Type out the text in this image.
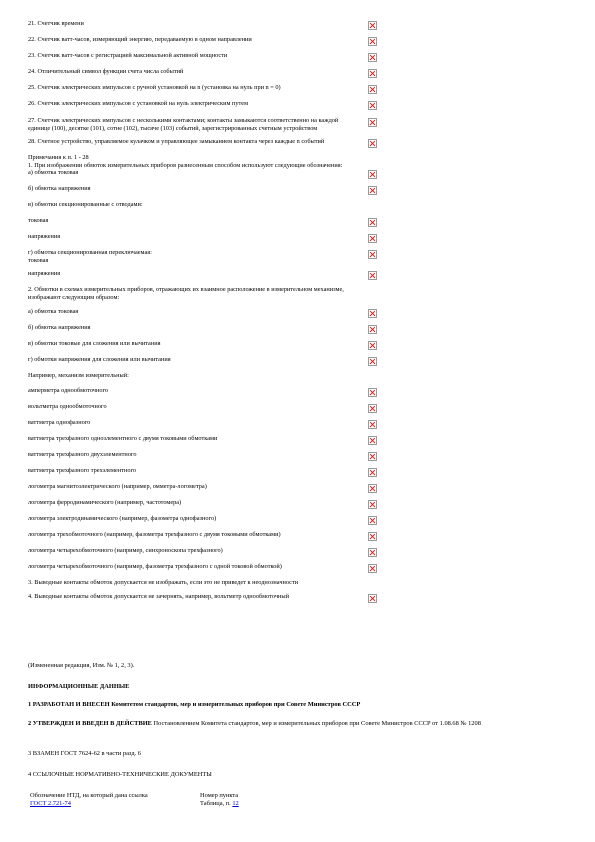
21. Счетчик времени
22. Счетчик ватт-часов, измеряющий энергию, передаваемую в одном направлении
23. Счетчик ватт-часов с регистрацией максимальной активной мощности
24. Отличительный символ функции счета числа событий
25. Счетчик электрических импульсов с ручной установкой на n (установка на нуль при n = 0)
26. Счетчик электрических импульсов с установкой на нуль электрическим путем
27. Счетчик электрических импульсов с несколькими контактами; контакты замыкаются соответственно на каждой единице (100), десятке (101), сотне (102), тысяче (103) событий, зарегистрированных счетным устройством
28. Счетное устройство, управляемое кулачком и управляющее замыканием контакта через каждые n событий
Примечания к п. 1 - 28
1. При изображении обмоток измерительных приборов разнесенным способом используют следующие обозначения:
а) обмотка токовая
б) обмотка напряжения
в) обмотки секционированные с отводами:
токовая
напряжения
г) обмотка секционированная переключаемая:
токовая
напряжения
2. Обмотки в схемах измерительных приборов, отражающих их взаимное расположение в измерительном механизме, изображают следующим образом:
а) обмотка токовая
б) обмотка напряжения
в) обмотки токовые для сложения или вычитания
г) обмотки напряжения для сложения или вычитания
Например, механизм измерительный:
амперметра однообмоточного
вольтметра однообмоточного
ваттметра однофазного
ваттметра трехфазного однозлементного с двумя токовыми обмотками
ваттметра трехфазного двухэлементного
ваттметра трехфазного трехэлементного
логометра магнитоэлектрического (например, омметра-логометра)
логометра ферродинамического (например, частотомера)
логометра электродинамического (например, фазометра однофазного)
логометра трехобмоточного (например, фазометра трехфазного с двумя токовыми обмотками)
логометра четырехобмоточного (например, синхроноскопа трехфазного)
логометра четырехобмоточного (например, фазометра трехфазного с одной токовой обмоткой)
3. Выводные контакты обмоток допускается не изображать, если это не приведет к неоднозначности
4. Выводные контакты обмоток допускается не зачернять, например, вольтметр однообмоточный
(Измененная редакция, Изм. № 1, 2, 3).
ИНФОРМАЦИОННЫЕ ДАННЫЕ
1 РАЗРАБОТАН И ВНЕСЕН Комитетом стандартов, мер и измерительных приборов при Совете Министров СССР
2 УТВЕРЖДЕН И ВВЕДЕН В ДЕЙСТВИЕ Постановлением Комитета стандартов, мер и измерительных приборов при Совете Министров СССР от 1.08.68 № 1208
3 ВЗАМЕН ГОСТ 7624-62 в части разд. 6
4 ССЫЛОЧНЫЕ НОРМАТИВНО-ТЕХНИЧЕСКИЕ ДОКУМЕНТЫ
Обозначение НТД, на который дана ссылка	Номер пункта
ГОСТ 2.721-74	Таблица, п. 12
